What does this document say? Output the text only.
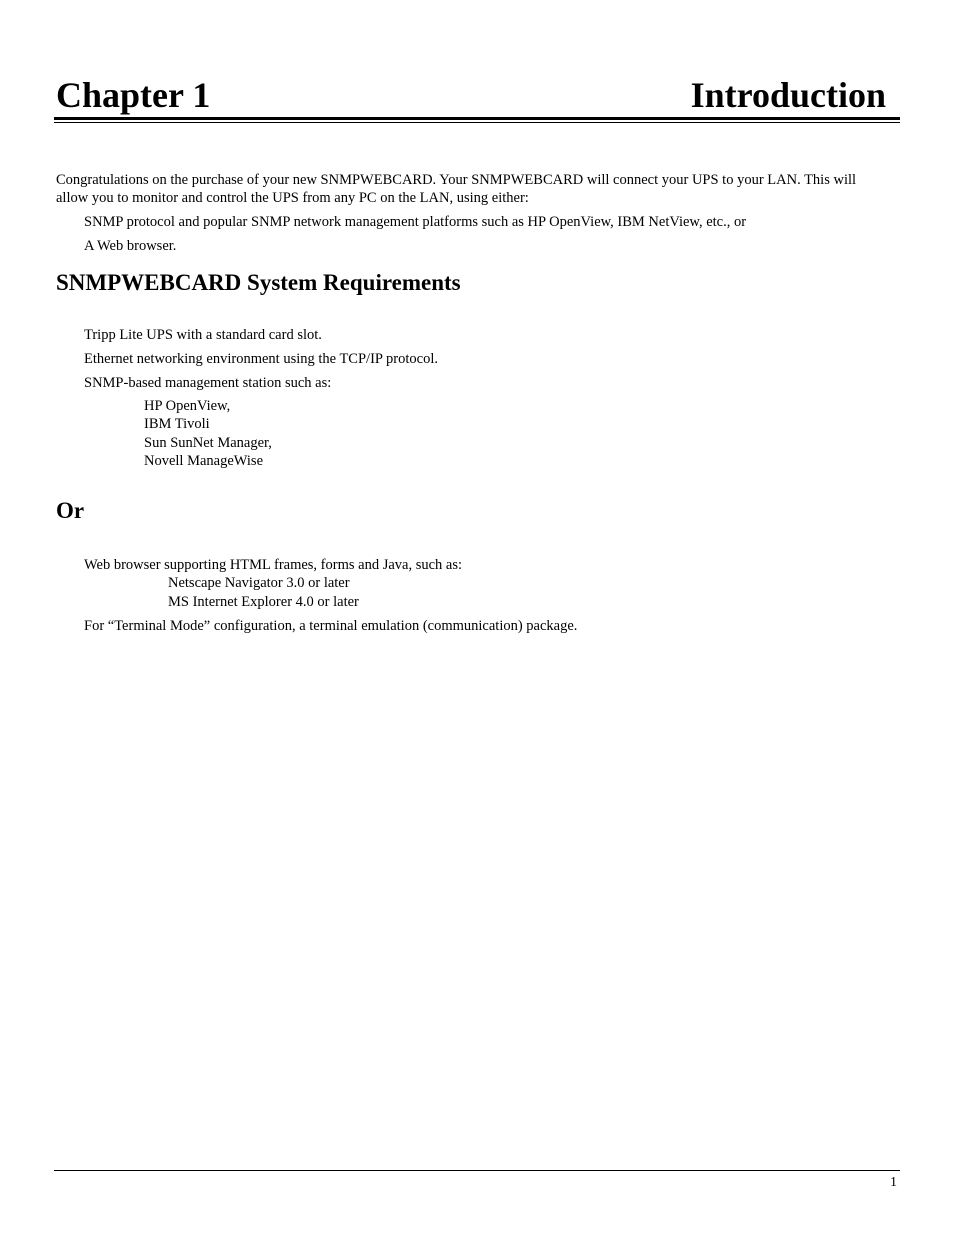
Chapter 1	Introduction
Congratulations on the purchase of your new SNMPWEBCARD. Your SNMPWEBCARD will connect your UPS to your LAN. This will
allow you to monitor and control the UPS from any PC on the LAN, using either:
SNMP protocol and popular SNMP network management platforms such as HP OpenView, IBM NetView, etc., or
A Web browser.
SNMPWEBCARD System Requirements
Tripp Lite UPS with a standard card slot.
Ethernet networking environment using the TCP/IP protocol.
SNMP-based management station such as:
HP OpenView,
IBM Tivoli
Sun SunNet Manager,
Novell ManageWise
Or
Web browser supporting HTML frames, forms and Java, such as:
Netscape Navigator 3.0 or later
MS Internet Explorer 4.0 or later
For “Terminal Mode” configuration, a terminal emulation (communication) package.
1
